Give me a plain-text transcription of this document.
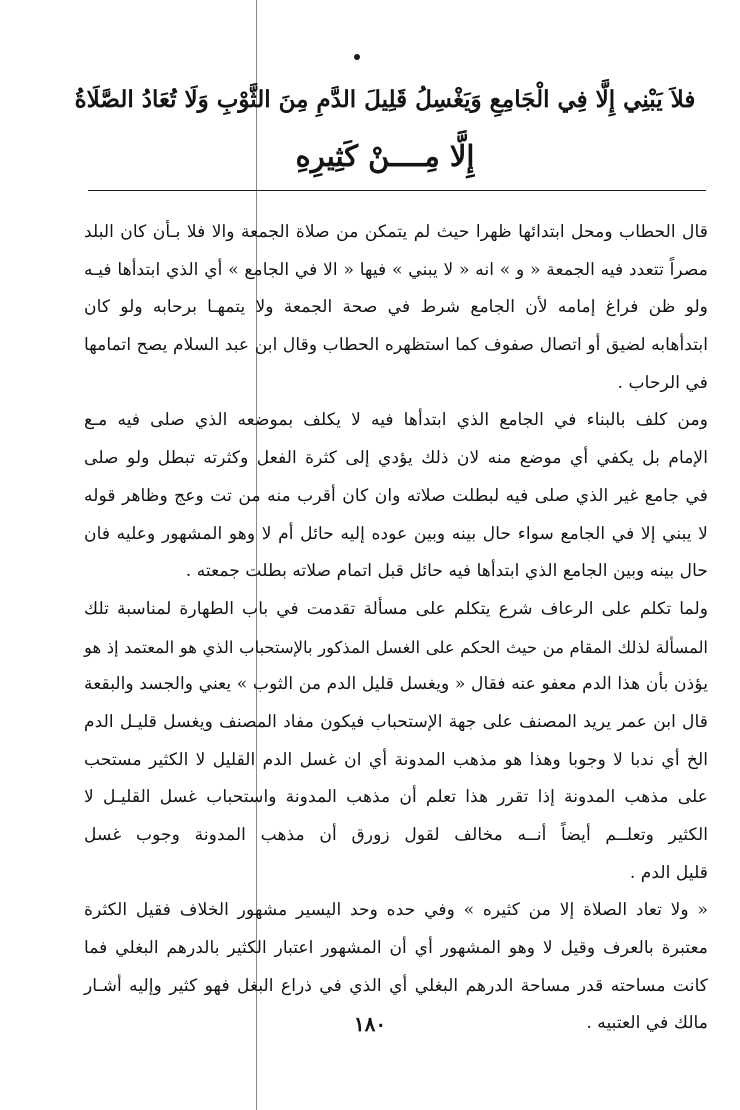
فلاَ يَبْنِي إِلَّا فِي الْجَامِعِ وَيَغْسِلُ قَلِيلَ الدَّمِ مِنَ الثَّوْبِ وَلَا تُعَادُ الصَّلَاةُ
إِلَّا مِــــنْ كَثِيرِهِ
قال الحطاب ومحل ابتدائها ظهرا حيث لم يتمكن من صلاة الجمعة والا فلا بـأن كان البلد
مصراً تتعدد فيه الجمعة « و » انه « لا يبني » فيها « الا في الجامع » أي الذي ابتدأها فيـه
ولو ظن فراغ إمامه لأن الجامع شرط في صحة الجمعة ولا يتمهـا برحابه ولو كان
ابتدأهابه لضيق أو اتصال صفوف كما استظهره الحطاب وقال ابن عبد السلام يصح اتمامها
في الرحاب .
ومن كلف بالبناء في الجامع الذي ابتدأها فيه لا يكلف بموضعه الذي صلى فيه مـع
الإمام بل يكفي أي موضع منه لان ذلك يؤدي إلى كثرة الفعل وكثرته تبطل ولو صلى
في جامع غير الذي صلى فيه لبطلت صلاته وان كان أقرب منه من تت وعج وظاهر قوله
لا يبني إلا في الجامع سواء حال بينه وبين عوده إليه حائل أم لا وهو المشهور وعليه فان
حال بينه وبين الجامع الذي ابتدأها فيه حائل قبل اتمام صلاته بطلت جمعته .
ولما تكلم على الرعاف شرع يتكلم على مسألة تقدمت في باب الطهارة لمناسبة تلك
المسألة لذلك المقام من حيث الحكم على الغسل المذكور بالإستحباب الذي هو المعتمد إذ هو
يؤذن بأن هذا الدم معفو عنه فقال « ويغسل قليل الدم من الثوب » يعني والجسد والبقعة
قال ابن عمر يريد المصنف على جهة الإستحباب فيكون مفاد المصنف ويغسل قليـل الدم
الخ أي ندبا لا وجوبا وهذا هو مذهب المدونة أي ان غسل الدم القليل لا الكثير مستحب
على مذهب المدونة إذا تقرر هذا تعلم أن مذهب المدونة واستحباب غسل القليـل لا
الكثير وتعلــم أيضاً أنــه مخالف لقول زورق أن مذهب المدونة وجوب غسل
قليل الدم .
« ولا تعاد الصلاة إلا من كثيره » وفي حده وحد اليسير مشهور الخلاف فقيل الكثرة
معتبرة بالعرف وقيل لا وهو المشهور أي أن المشهور اعتبار الكثير بالدرهم البغلي فما
كانت مساحته قدر مساحة الدرهم البغلي أي الذي في ذراع البغل فهو كثير وإليه أشـار
مالك في العتبيه .
١٨٠
